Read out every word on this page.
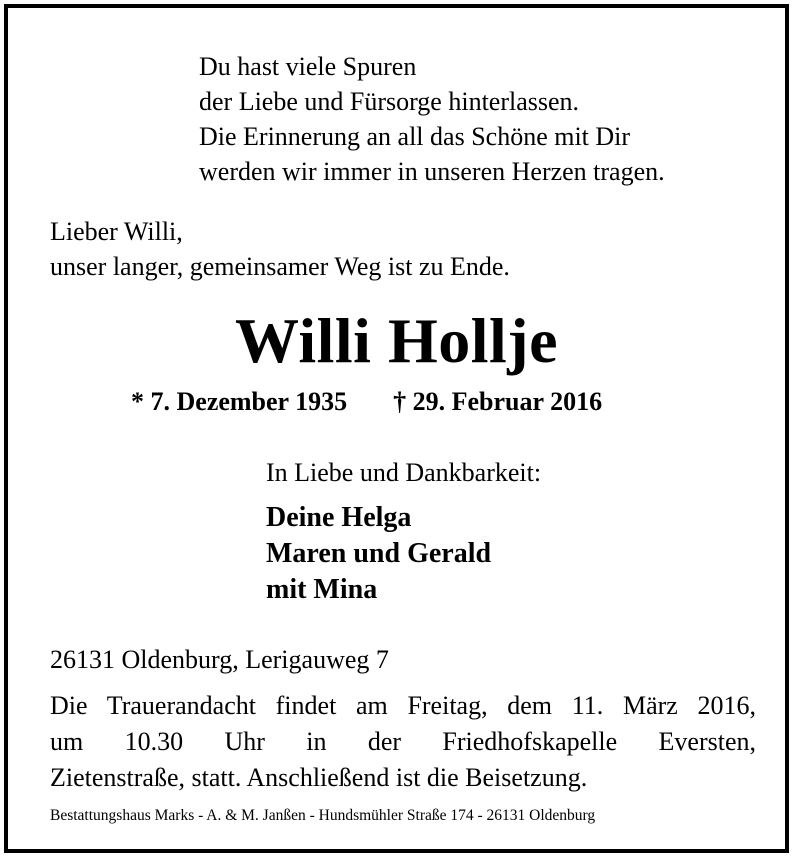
Du hast viele Spuren
der Liebe und Fürsorge hinterlassen.
Die Erinnerung an all das Schöne mit Dir
werden wir immer in unseren Herzen tragen.
Lieber Willi,
unser langer, gemeinsamer Weg ist zu Ende.
Willi Hollje
* 7. Dezember 1935 † 29. Februar 2016
In Liebe und Dankbarkeit:
Deine Helga
Maren und Gerald
mit Mina
26131 Oldenburg, Lerigauweg 7
Die Trauerandacht findet am Freitag, dem 11. März 2016,
um 10.30 Uhr in der Friedhofskapelle Eversten,
Zietenstraße, statt. Anschließend ist die Beisetzung.
Bestattungshaus Marks - A. & M. Janßen - Hundsmühler Straße 174 - 26131 Oldenburg
